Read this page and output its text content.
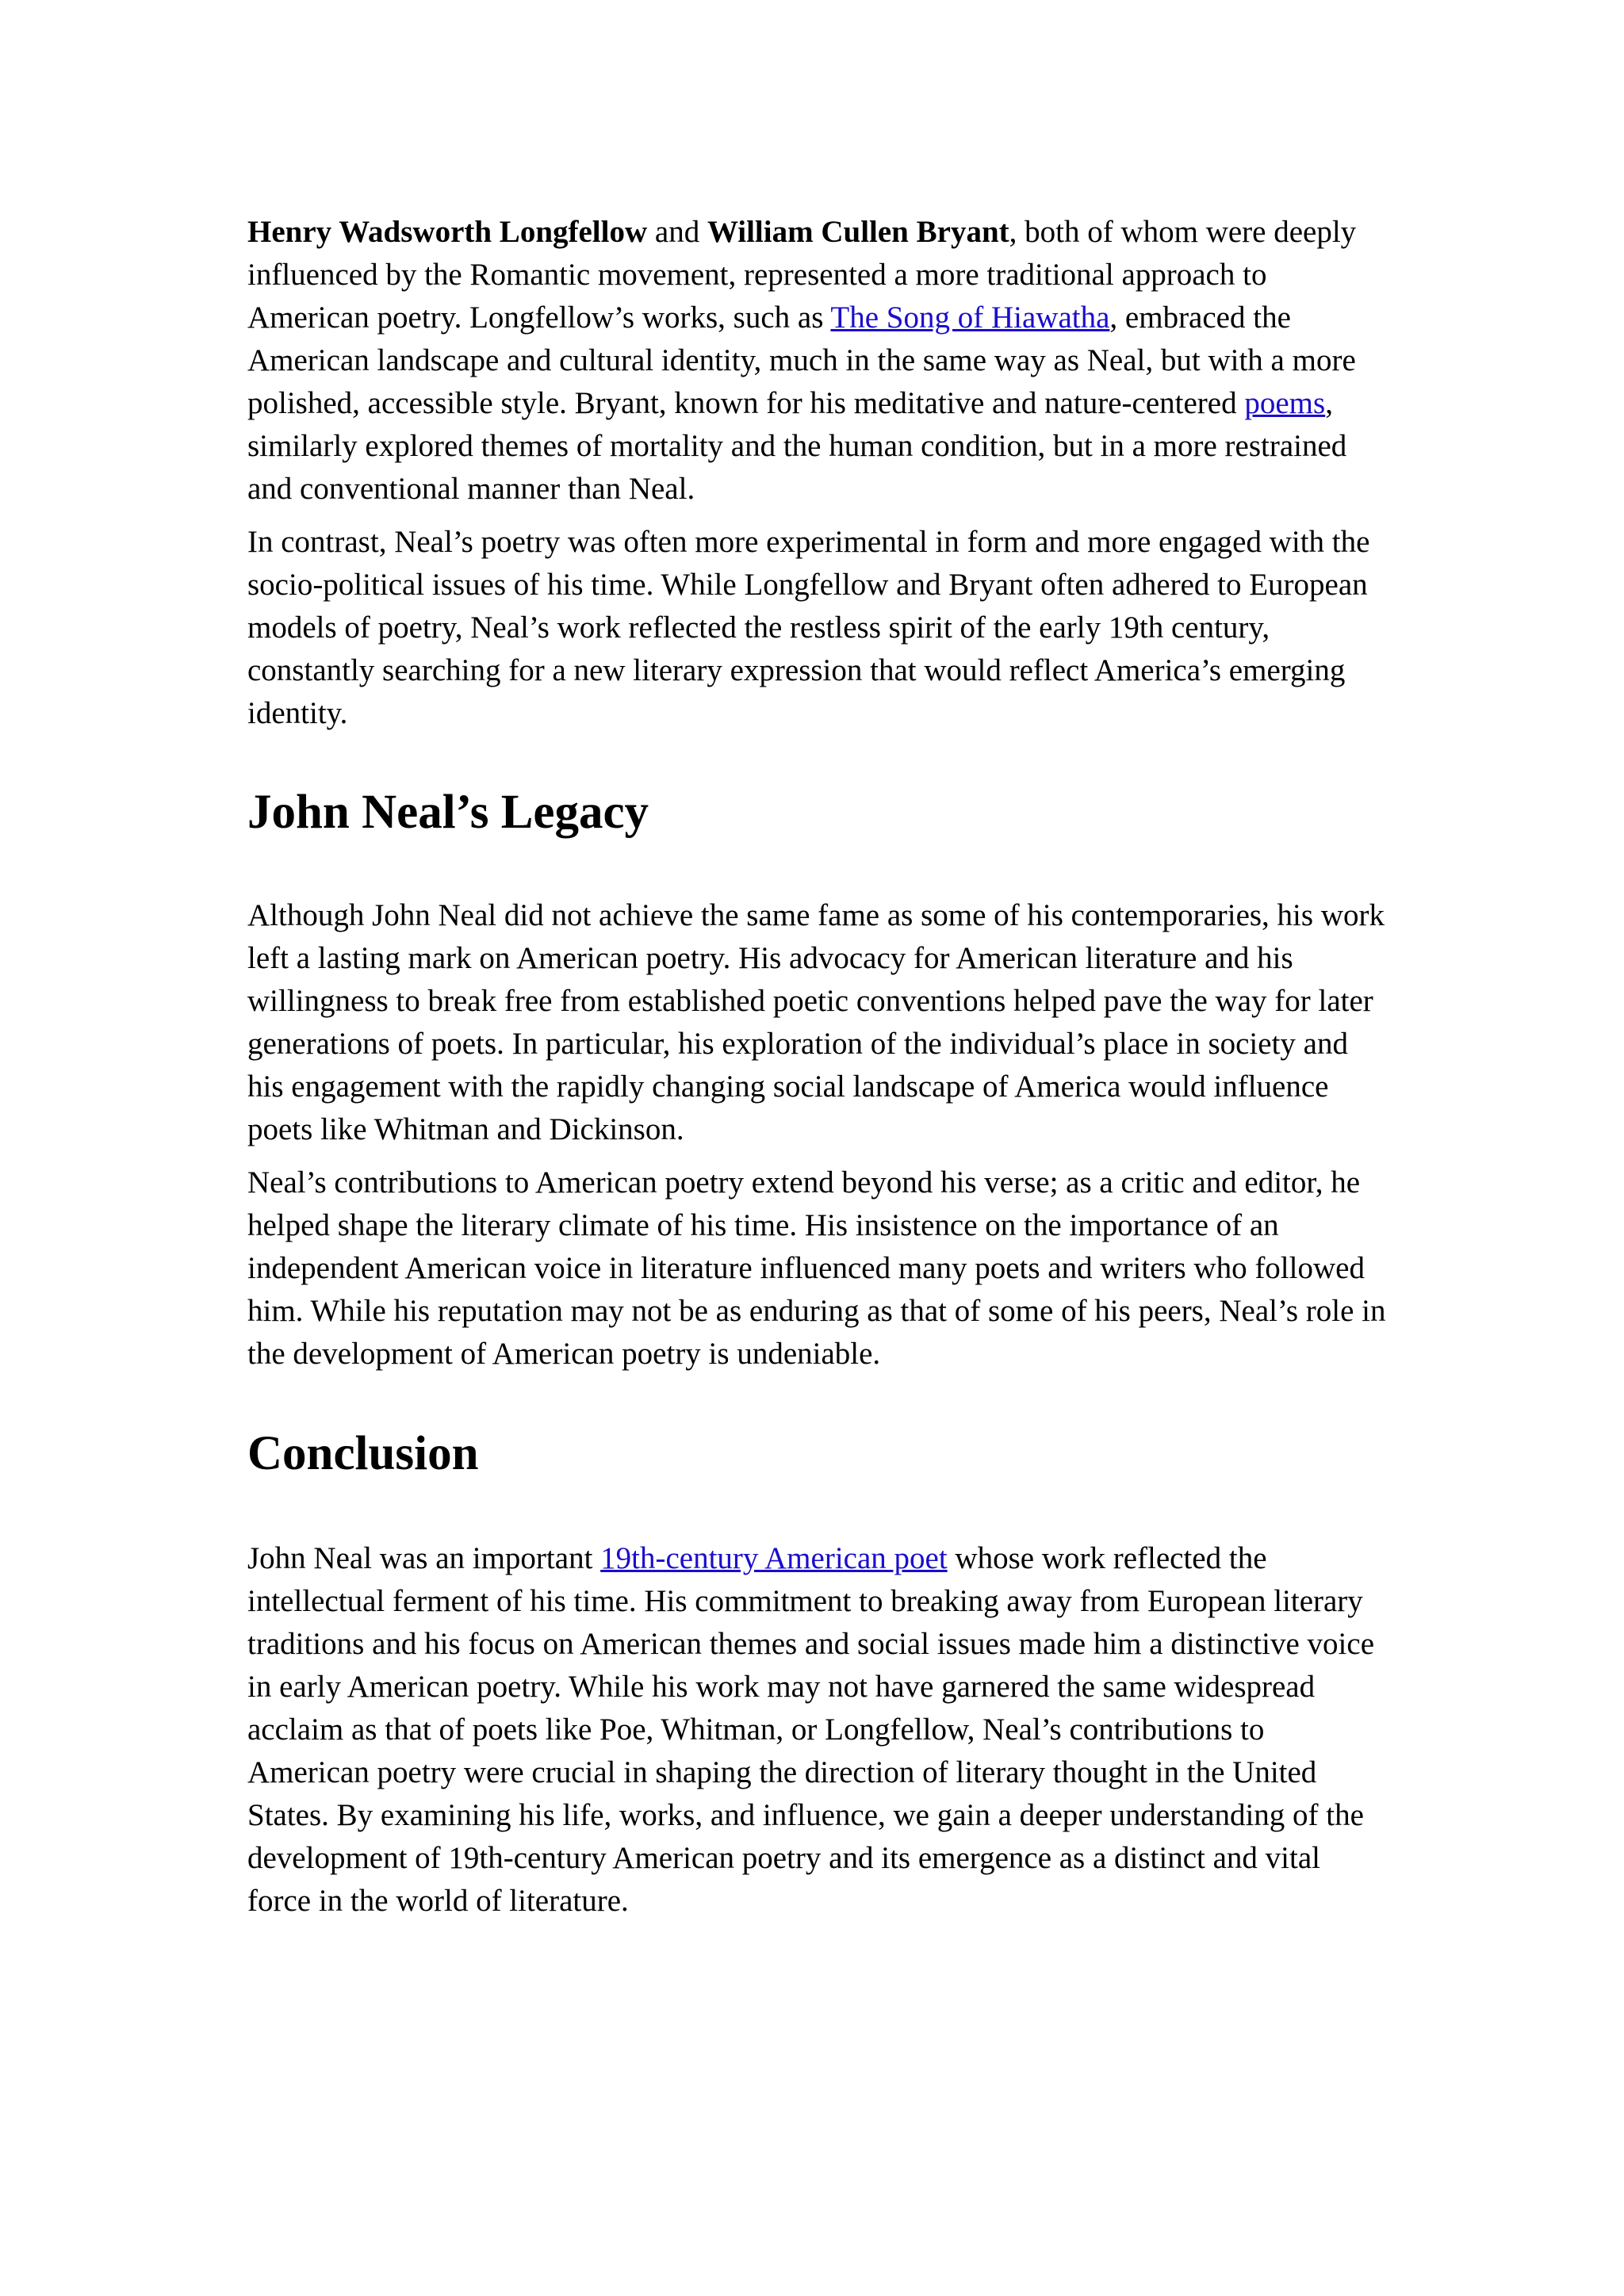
Henry Wadsworth Longfellow and William Cullen Bryant, both of whom were deeply influenced by the Romantic movement, represented a more traditional approach to American poetry. Longfellow’s works, such as The Song of Hiawatha, embraced the American landscape and cultural identity, much in the same way as Neal, but with a more polished, accessible style. Bryant, known for his meditative and nature-centered poems, similarly explored themes of mortality and the human condition, but in a more restrained and conventional manner than Neal.

In contrast, Neal’s poetry was often more experimental in form and more engaged with the socio-political issues of his time. While Longfellow and Bryant often adhered to European models of poetry, Neal’s work reflected the restless spirit of the early 19th century, constantly searching for a new literary expression that would reflect America’s emerging identity.

John Neal’s Legacy

Although John Neal did not achieve the same fame as some of his contemporaries, his work left a lasting mark on American poetry. His advocacy for American literature and his willingness to break free from established poetic conventions helped pave the way for later generations of poets. In particular, his exploration of the individual’s place in society and his engagement with the rapidly changing social landscape of America would influence poets like Whitman and Dickinson.

Neal’s contributions to American poetry extend beyond his verse; as a critic and editor, he helped shape the literary climate of his time. His insistence on the importance of an independent American voice in literature influenced many poets and writers who followed him. While his reputation may not be as enduring as that of some of his peers, Neal’s role in the development of American poetry is undeniable.

Conclusion

John Neal was an important 19th-century American poet whose work reflected the intellectual ferment of his time. His commitment to breaking away from European literary traditions and his focus on American themes and social issues made him a distinctive voice in early American poetry. While his work may not have garnered the same widespread acclaim as that of poets like Poe, Whitman, or Longfellow, Neal’s contributions to American poetry were crucial in shaping the direction of literary thought in the United States. By examining his life, works, and influence, we gain a deeper understanding of the development of 19th-century American poetry and its emergence as a distinct and vital force in the world of literature.
